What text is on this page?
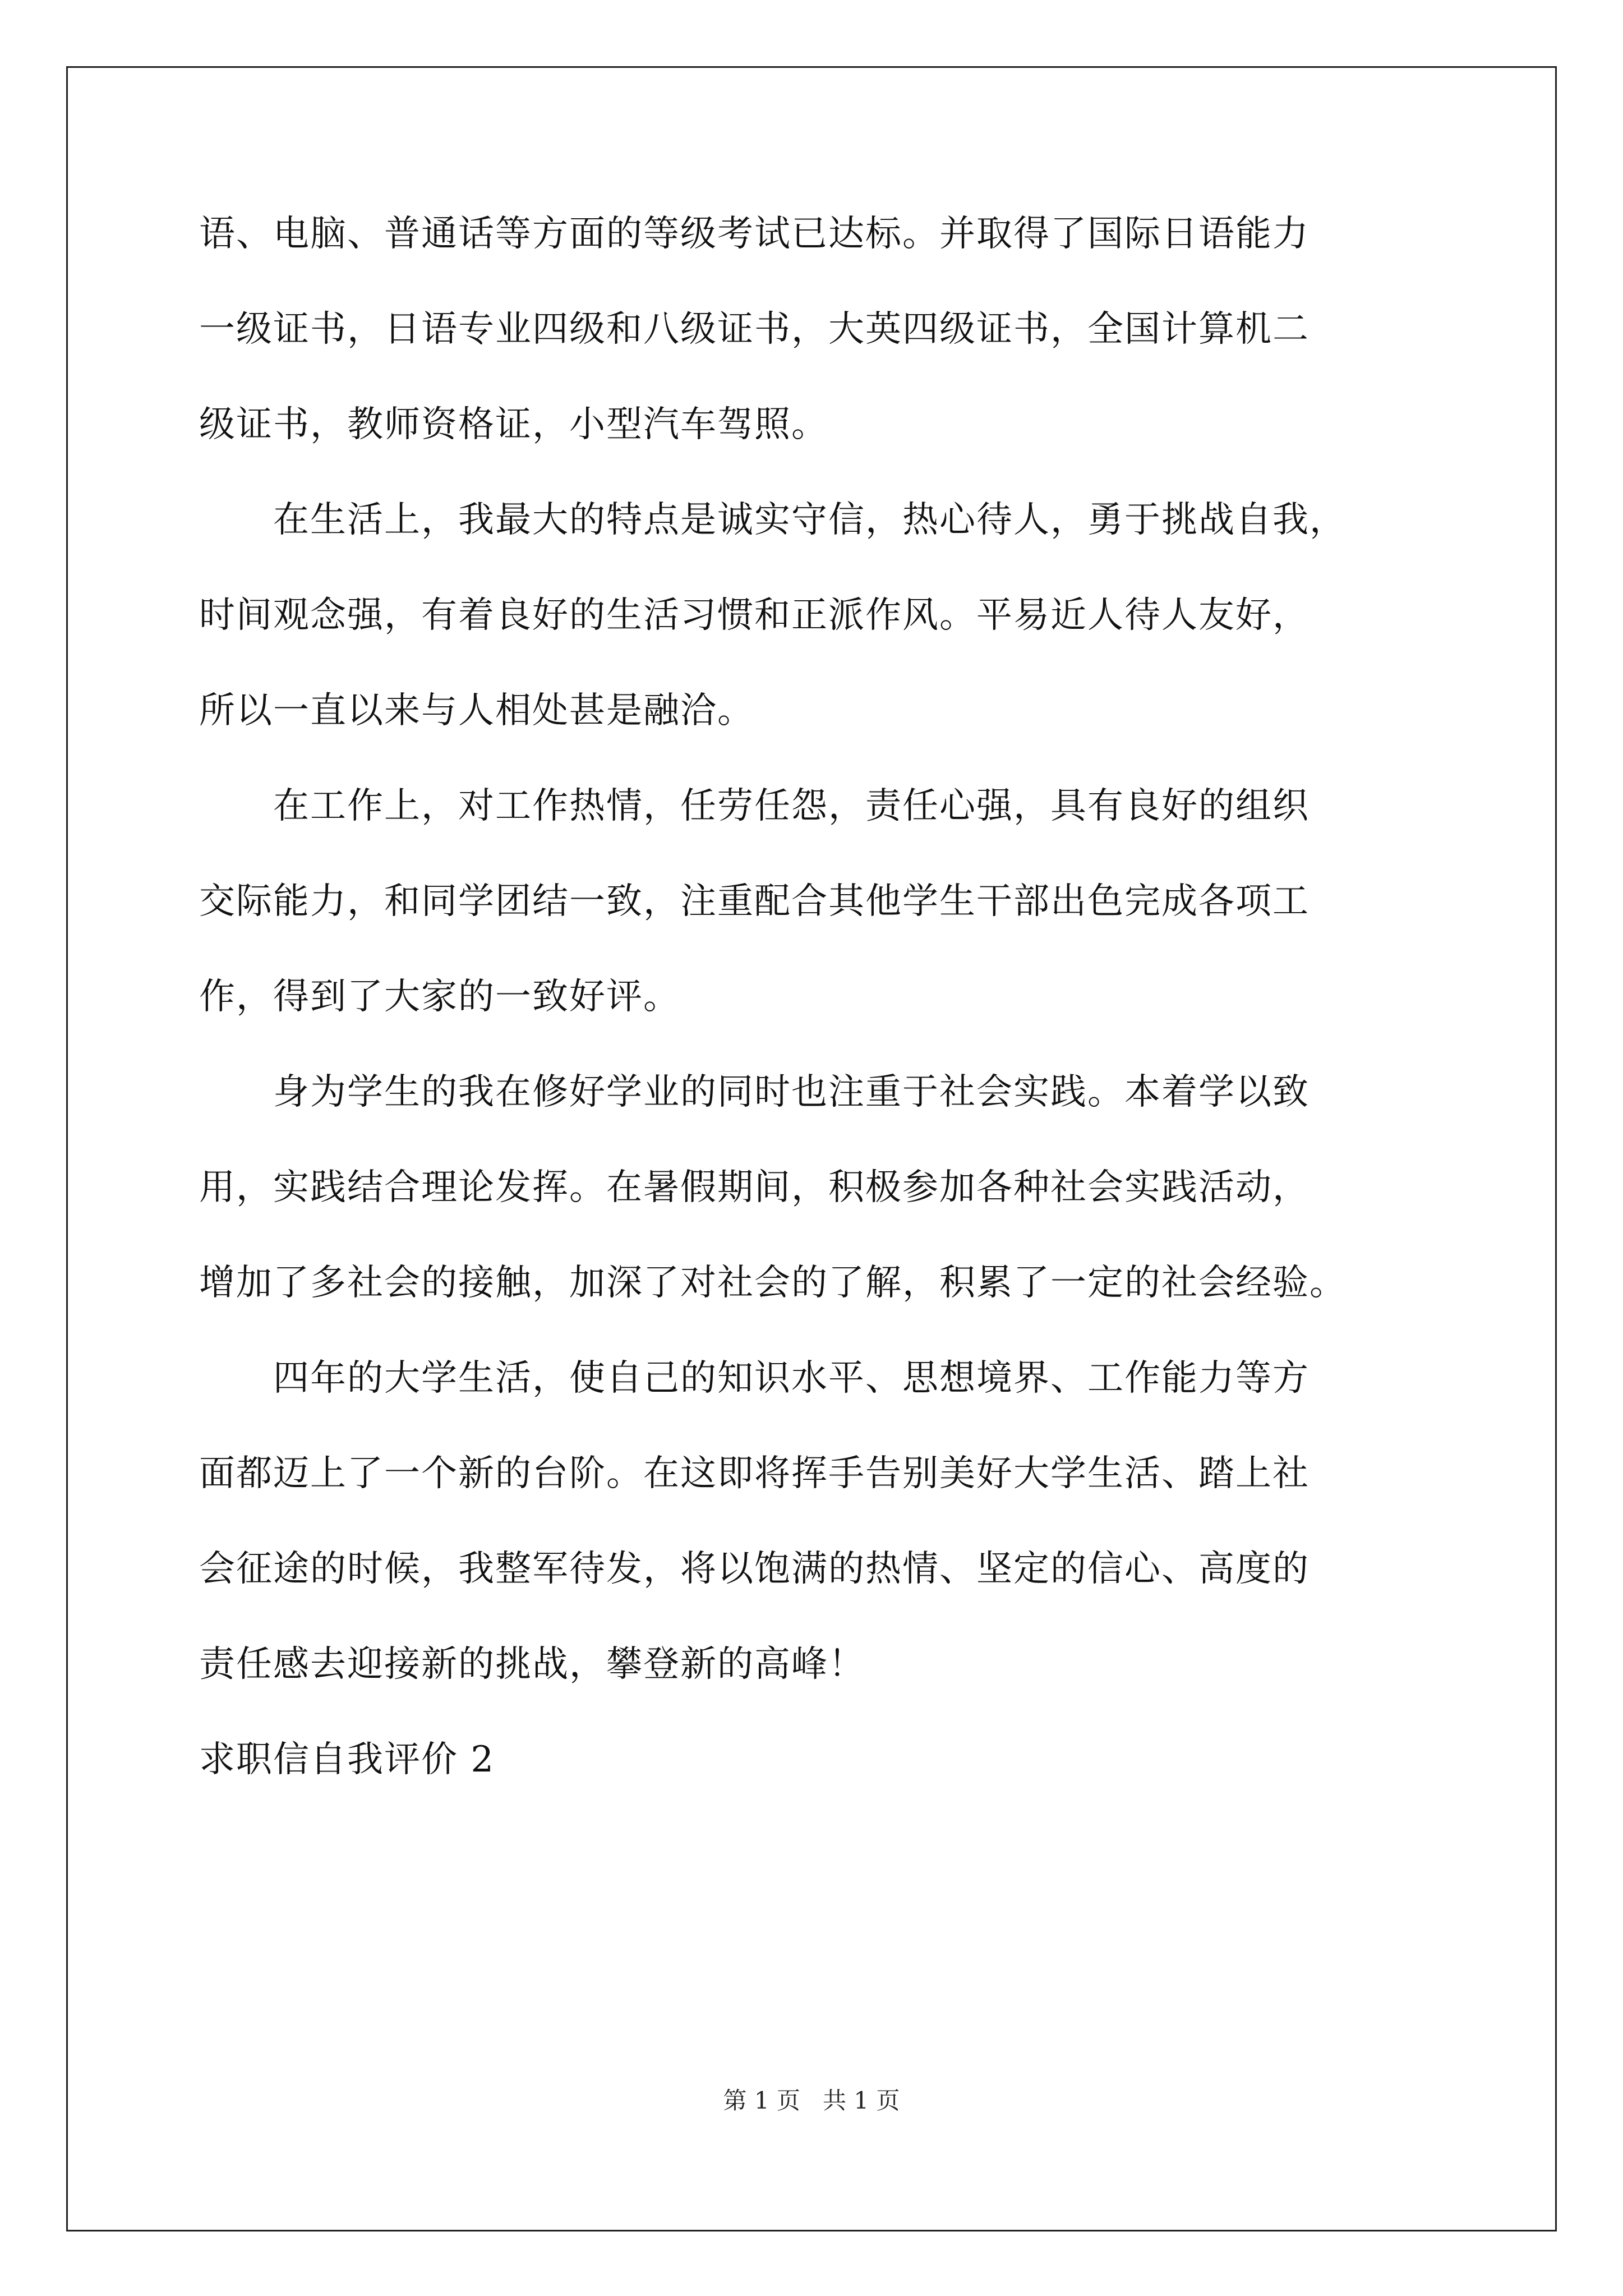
语、电脑、普通话等方面的等级考试已达标。并取得了国际日语能力

一级证书，日语专业四级和八级证书，大英四级证书，全国计算机二

级证书，教师资格证，小型汽车驾照。

　　在生活上，我最大的特点是诚实守信，热心待人，勇于挑战自我，

时间观念强，有着良好的生活习惯和正派作风。平易近人待人友好，

所以一直以来与人相处甚是融洽。

　　在工作上，对工作热情，任劳任怨，责任心强，具有良好的组织

交际能力，和同学团结一致，注重配合其他学生干部出色完成各项工

作，得到了大家的一致好评。

　　身为学生的我在修好学业的同时也注重于社会实践。本着学以致

用，实践结合理论发挥。在暑假期间，积极参加各种社会实践活动，

增加了多社会的接触，加深了对社会的了解，积累了一定的社会经验。

　　四年的大学生活，使自己的知识水平、思想境界、工作能力等方

面都迈上了一个新的台阶。在这即将挥手告别美好大学生活、踏上社

会征途的时候，我整军待发，将以饱满的热情、坚定的信心、高度的

责任感去迎接新的挑战，攀登新的高峰！

求职信自我评价 2

第 1 页   共 1 页
